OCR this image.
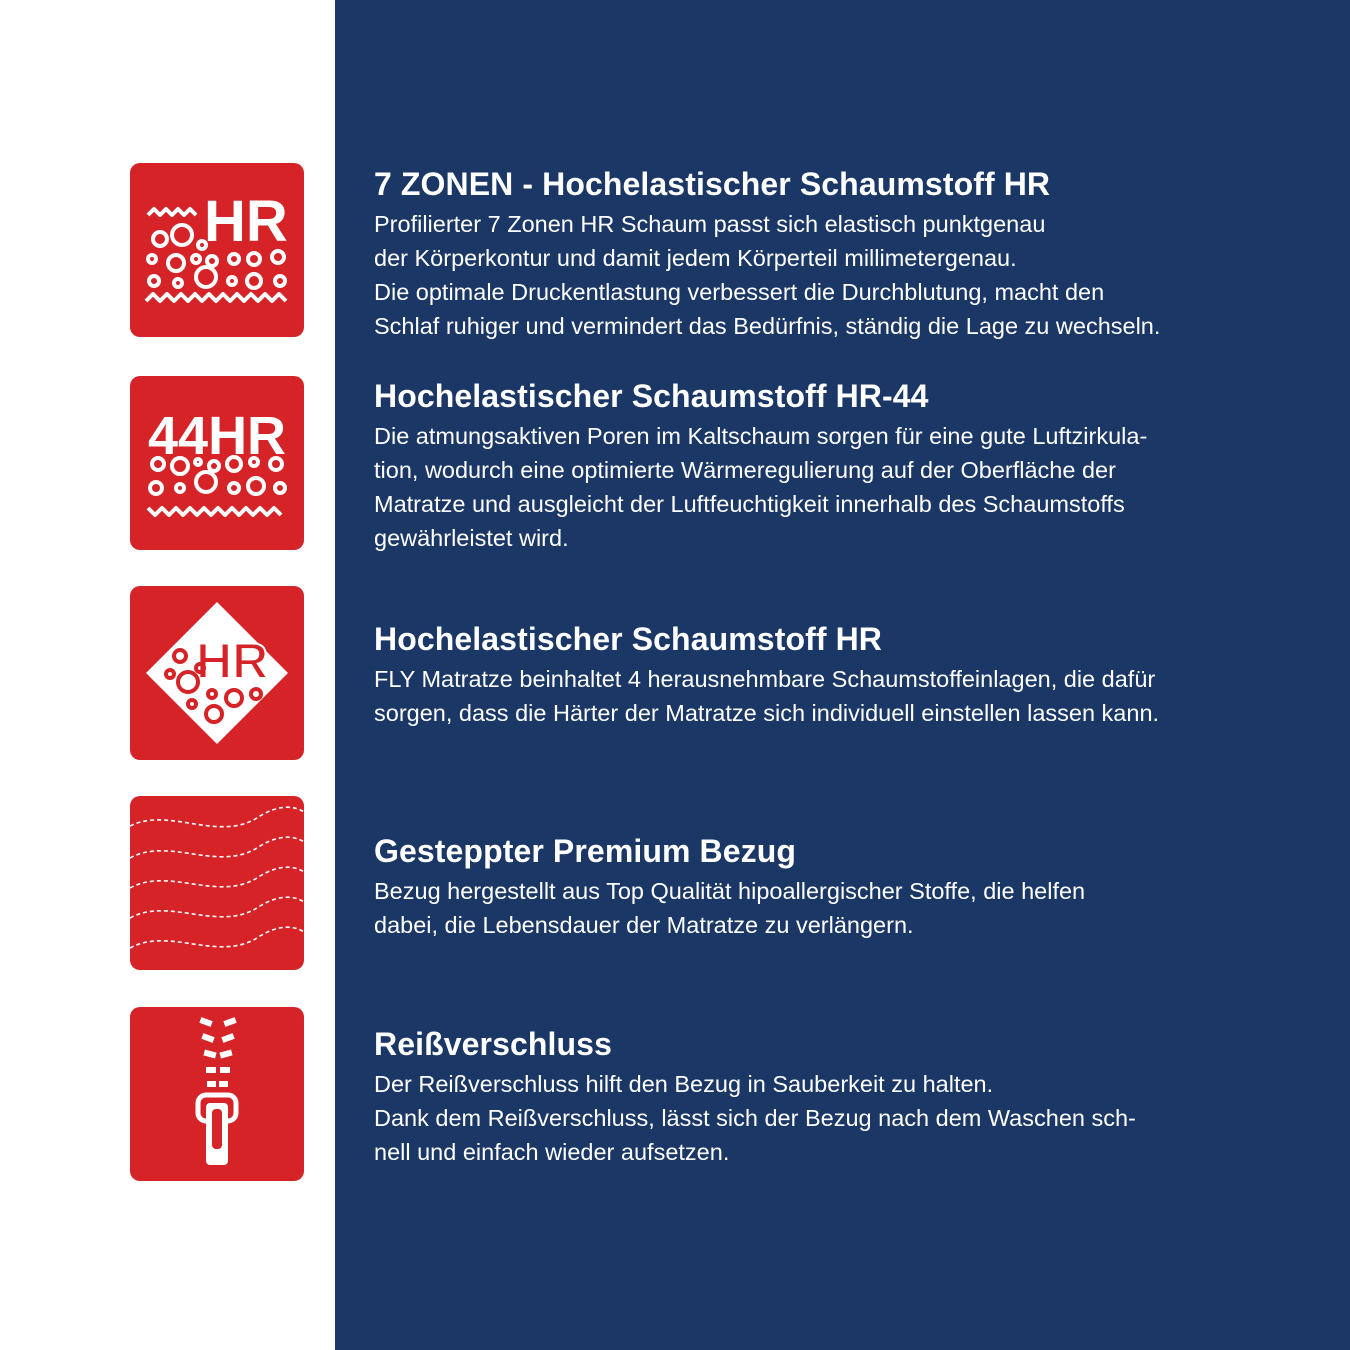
HR
44HR
HR
7 ZONEN - Hochelastischer Schaumstoff HR

Profilierter 7 Zonen HR Schaum passt sich elastisch punktgenau
der Körperkontur und damit jedem Körperteil millimetergenau.
Die optimale Druckentlastung verbessert die Durchblutung, macht den
Schlaf ruhiger und vermindert das Bedürfnis, ständig die Lage zu wechseln.

Hochelastischer Schaumstoff HR-44

Die atmungsaktiven Poren im Kaltschaum sorgen für eine gute Luftzirkula-
tion, wodurch eine optimierte Wärmeregulierung auf der Oberfläche der
Matratze und ausgleicht der Luftfeuchtigkeit innerhalb des Schaumstoffs
gewährleistet wird.

Hochelastischer Schaumstoff HR

FLY Matratze beinhaltet 4 herausnehmbare Schaumstoffeinlagen, die dafür
sorgen, dass die Härter der Matratze sich individuell einstellen lassen kann.

Gesteppter Premium Bezug

Bezug hergestellt aus Top Qualität hipoallergischer Stoffe, die helfen
dabei, die Lebensdauer der Matratze zu verlängern.

Reißverschluss

Der Reißverschluss hilft den Bezug in Sauberkeit zu halten.
Dank dem Reißverschluss, lässt sich der Bezug nach dem Waschen sch-
nell und einfach wieder aufsetzen.
